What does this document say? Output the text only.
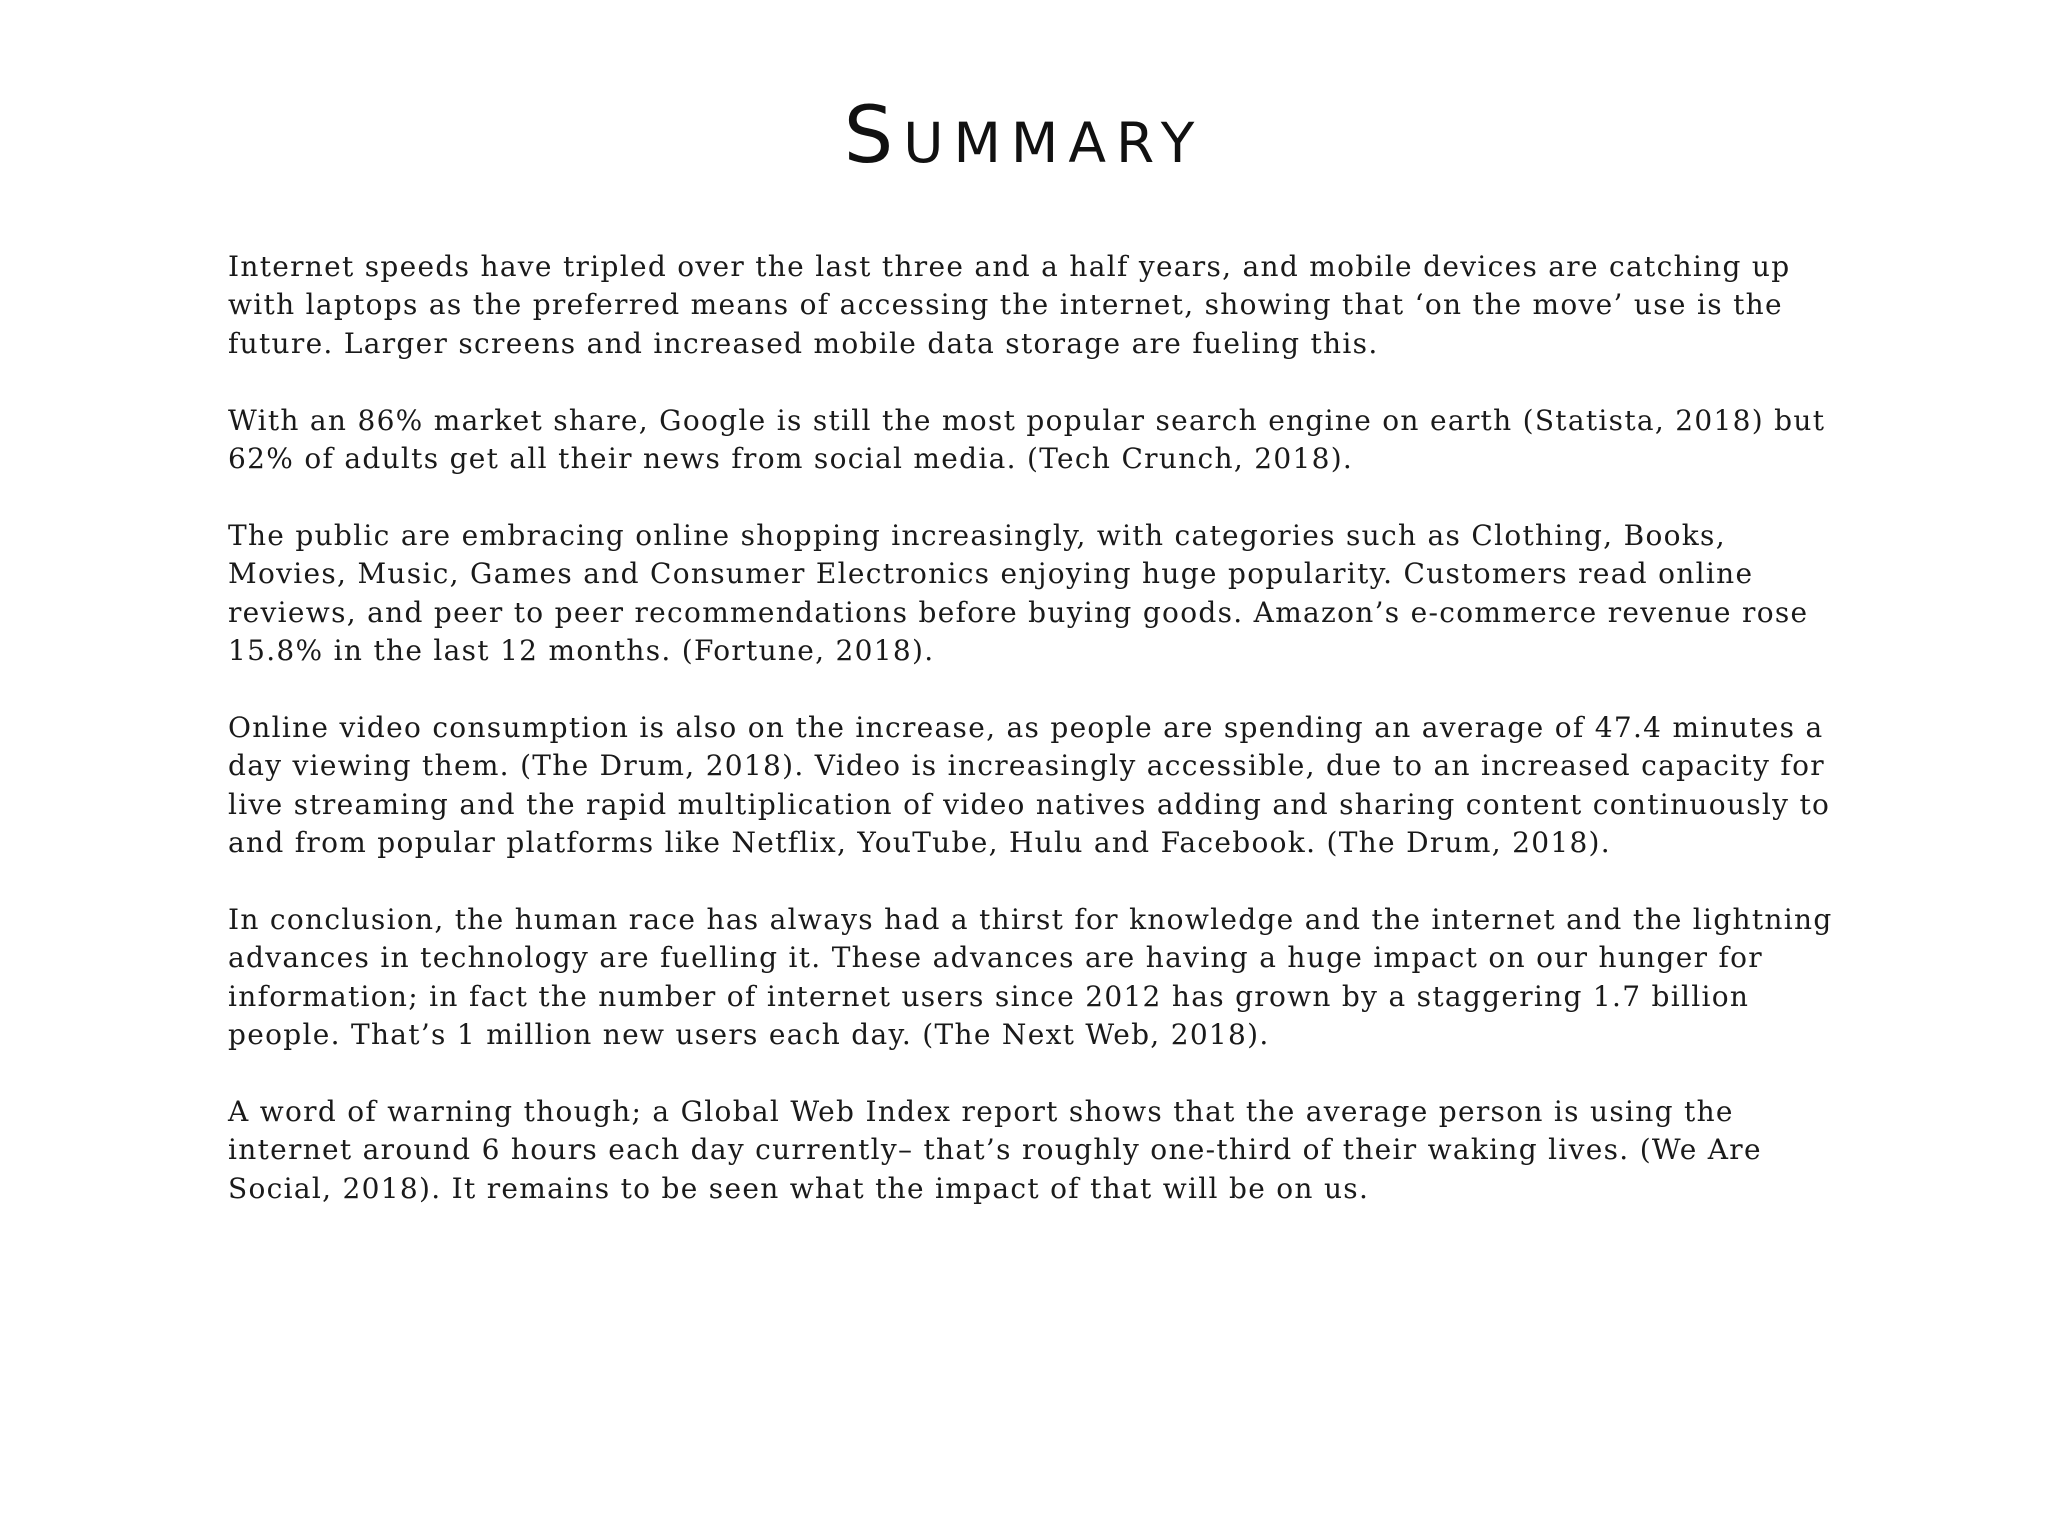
Summary

Internet speeds have tripled over the last three and a half years, and mobile devices are catching up with laptops as the preferred means of accessing the internet, showing that ‘on the move’ use is the future. Larger screens and increased mobile data storage are fueling this.

With an 86% market share, Google is still the most popular search engine on earth (Statista, 2018) but 62% of adults get all their news from social media. (Tech Crunch, 2018).

The public are embracing online shopping increasingly, with categories such as Clothing, Books, Movies, Music, Games and Consumer Electronics enjoying huge popularity. Customers read online reviews, and peer to peer recommendations before buying goods. Amazon’s e-commerce revenue rose 15.8% in the last 12 months. (Fortune, 2018).

Online video consumption is also on the increase, as people are spending an average of 47.4 minutes a day viewing them. (The Drum, 2018). Video is increasingly accessible, due to an increased capacity for live streaming and the rapid multiplication of video natives adding and sharing content continuously to and from popular platforms like Netflix, YouTube, Hulu and Facebook. (The Drum, 2018).

In conclusion, the human race has always had a thirst for knowledge and the internet and the lightning advances in technology are fuelling it. These advances are having a huge impact on our hunger for information; in fact the number of internet users since 2012 has grown by a staggering 1.7 billion people. That’s 1 million new users each day. (The Next Web, 2018).

A word of warning though; a Global Web Index report shows that the average person is using the internet around 6 hours each day currently– that’s roughly one-third of their waking lives. (We Are Social, 2018). It remains to be seen what the impact of that will be on us.
